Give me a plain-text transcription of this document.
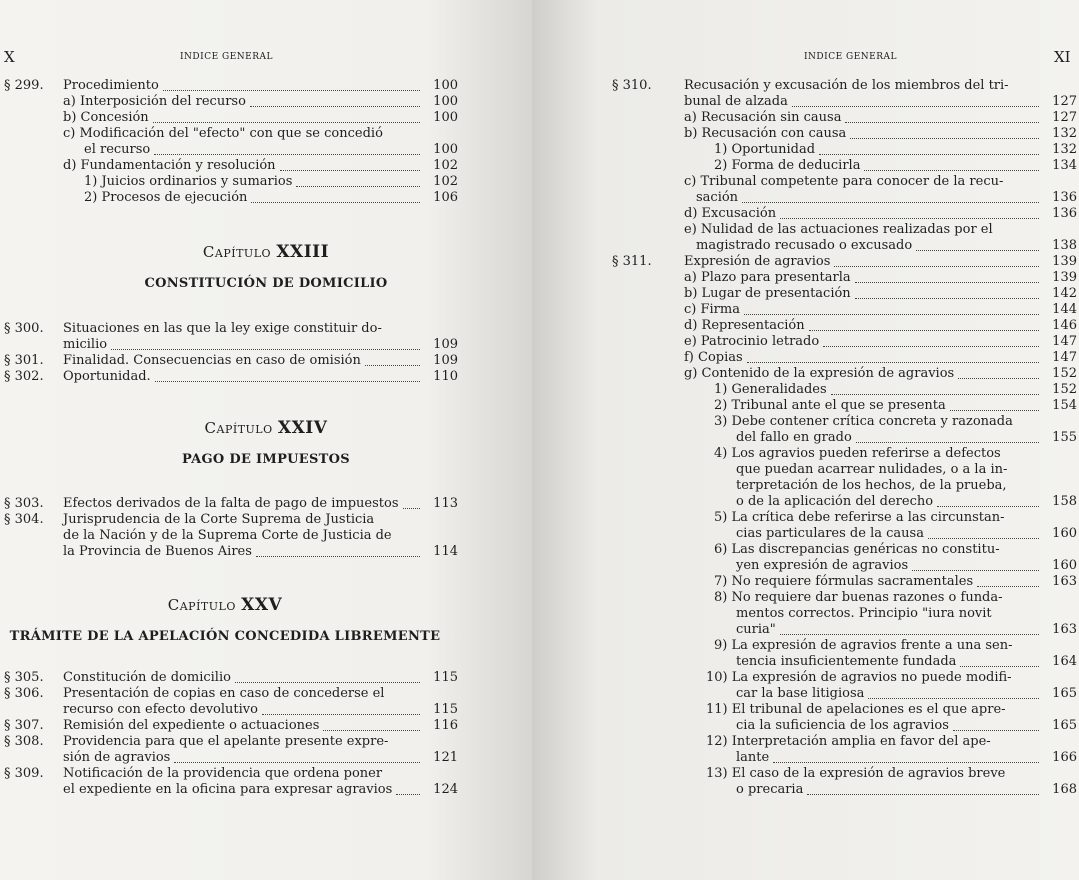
X	INDICE GENERAL
§ 299. Procedimiento	100
a) Interposición del recurso	100
b) Concesión	100
c) Modificación del "efecto" con que se concedió
el recurso	100
d) Fundamentación y resolución	102
1) Juicios ordinarios y sumarios	102
2) Procesos de ejecución	106
Capítulo XXIII
CONSTITUCIÓN DE DOMICILIO
§ 300. Situaciones en las que la ley exige constituir do-
micilio	109
§ 301. Finalidad. Consecuencias en caso de omisión	109
§ 302. Oportunidad.	110
Capítulo XXIV
PAGO DE IMPUESTOS
§ 303. Efectos derivados de la falta de pago de impuestos	113
§ 304. Jurisprudencia de la Corte Suprema de Justicia
de la Nación y de la Suprema Corte de Justicia de
la Provincia de Buenos Aires	114
Capítulo XXV
TRÁMITE DE LA APELACIÓN CONCEDIDA LIBREMENTE
§ 305. Constitución de domicilio	115
§ 306. Presentación de copias en caso de concederse el
recurso con efecto devolutivo	115
§ 307. Remisión del expediente o actuaciones	116
§ 308. Providencia para que el apelante presente expre-
sión de agravios	121
§ 309. Notificación de la providencia que ordena poner
el expediente en la oficina para expresar agravios	124
INDICE GENERAL	XI
§ 310. Recusación y excusación de los miembros del tri-
bunal de alzada	127
a) Recusación sin causa	127
b) Recusación con causa	132
1) Oportunidad	132
2) Forma de deducirla	134
c) Tribunal competente para conocer de la recu-
sación	136
d) Excusación	136
e) Nulidad de las actuaciones realizadas por el
magistrado recusado o excusado	138
§ 311. Expresión de agravios	139
a) Plazo para presentarla	139
b) Lugar de presentación	142
c) Firma	144
d) Representación	146
e) Patrocinio letrado	147
f) Copias	147
g) Contenido de la expresión de agravios	152
1) Generalidades	152
2) Tribunal ante el que se presenta	154
3) Debe contener crítica concreta y razonada
del fallo en grado	155
4) Los agravios pueden referirse a defectos
que puedan acarrear nulidades, o a la in-
terpretación de los hechos, de la prueba,
o de la aplicación del derecho	158
5) La crítica debe referirse a las circunstan-
cias particulares de la causa	160
6) Las discrepancias genéricas no constitu-
yen expresión de agravios	160
7) No requiere fórmulas sacramentales	163
8) No requiere dar buenas razones o funda-
mentos correctos. Principio "iura novit
curia"	163
9) La expresión de agravios frente a una sen-
tencia insuficientemente fundada	164
10) La expresión de agravios no puede modifi-
car la base litigiosa	165
11) El tribunal de apelaciones es el que apre-
cia la suficiencia de los agravios	165
12) Interpretación amplia en favor del ape-
lante	166
13) El caso de la expresión de agravios breve
o precaria	168
